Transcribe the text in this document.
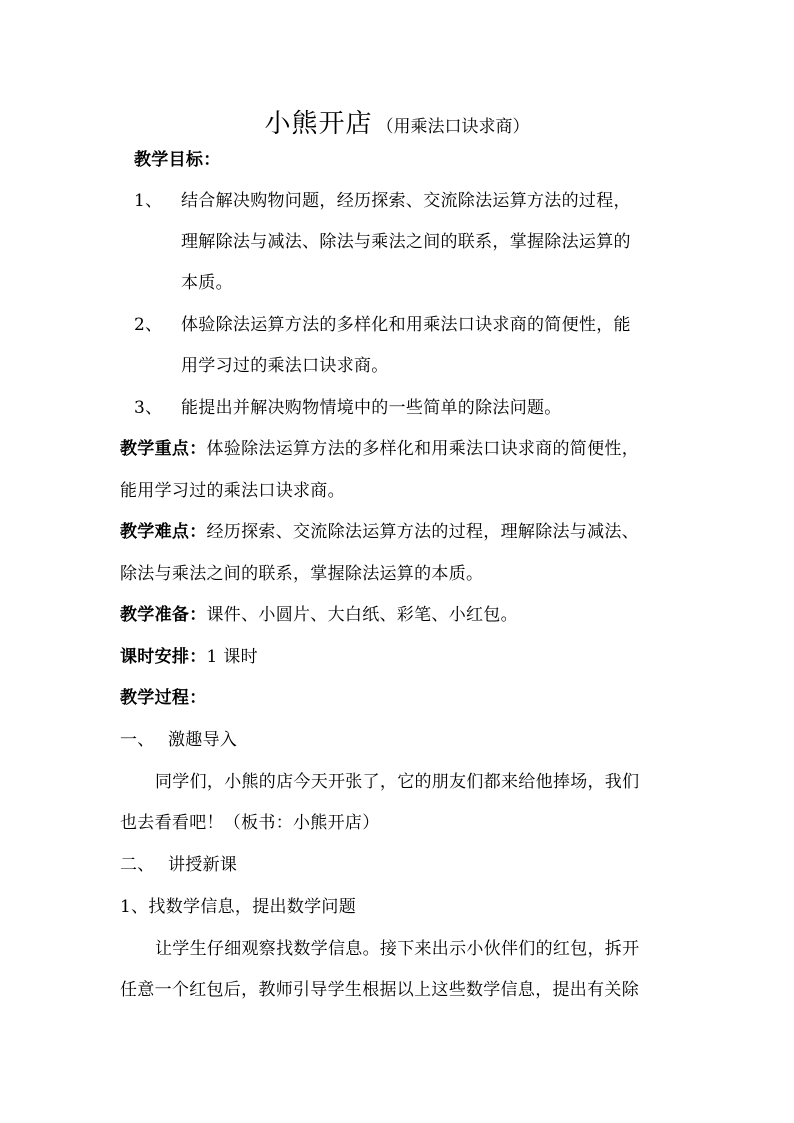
小熊开店 （用乘法口诀求商）
教学目标：
1、 结合解决购物问题，经历探索、交流除法运算方法的过程，
理解除法与减法、除法与乘法之间的联系，掌握除法运算的
本质。
2、 体验除法运算方法的多样化和用乘法口诀求商的简便性，能
用学习过的乘法口诀求商。
3、 能提出并解决购物情境中的一些简单的除法问题。
教学重点：体验除法运算方法的多样化和用乘法口诀求商的简便性，
能用学习过的乘法口诀求商。
教学难点：经历探索、交流除法运算方法的过程，理解除法与减法、
除法与乘法之间的联系，掌握除法运算的本质。
教学准备：课件、小圆片、大白纸、彩笔、小红包。
课时安排：1 课时
教学过程：
一、 激趣导入
同学们，小熊的店今天开张了，它的朋友们都来给他捧场，我们
也去看看吧！（板书：小熊开店）
二、 讲授新课
1、找数学信息，提出数学问题
让学生仔细观察找数学信息。接下来出示小伙伴们的红包，拆开
任意一个红包后，教师引导学生根据以上这些数学信息，提出有关除
